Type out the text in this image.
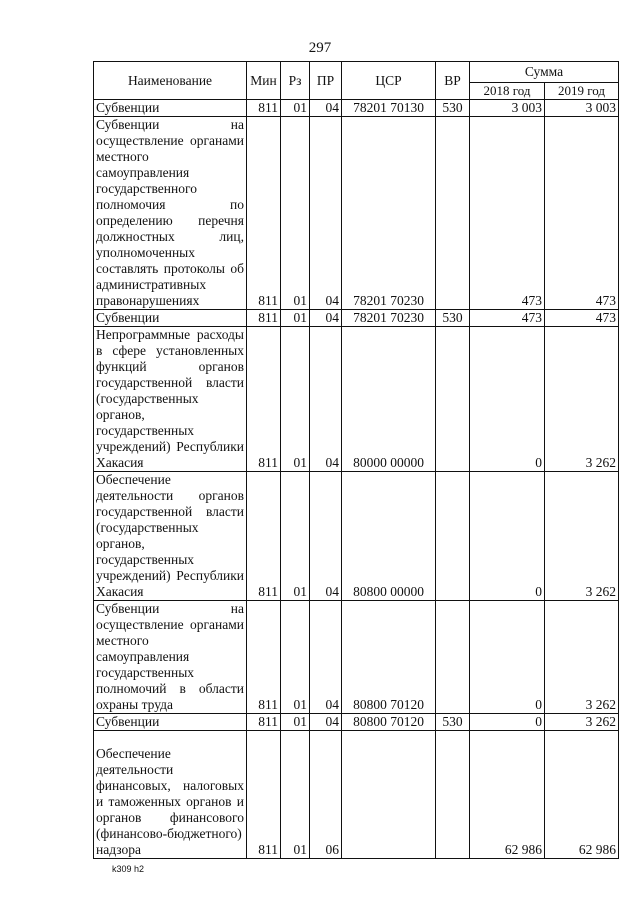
297
Наименование	Мин	Рз	ПР	ЦСР	ВР	Сумма	
						2018 год	2019 год
Субвенции	811	01	04	78201 70130	530	3 003	3 003
Субвенции на осуществление органами местного самоуправления государственного полномочия по определению перечня должностных лиц, уполномоченных составлять протоколы об административных правонарушениях	811	01	04	78201 70230		473	473
Субвенции	811	01	04	78201 70230	530	473	473
Непрограммные расходы в сфере установленных функций органов государственной власти (государственных органов, государственных учреждений) Республики Хакасия	811	01	04	80000 00000		0	3 262
Обеспечение деятельности органов государственной власти (государственных органов, государственных учреждений) Республики Хакасия	811	01	04	80800 00000		0	3 262
Субвенции на осуществление органами местного самоуправления государственных полномочий в области охраны труда	811	01	04	80800 70120		0	3 262
Субвенции	811	01	04	80800 70120	530	0	3 262
Обеспечение деятельности финансовых, налоговых и таможенных органов и органов финансового (финансово-бюджетного) надзора	811	01	06			62 986	62 986
k309 h2
